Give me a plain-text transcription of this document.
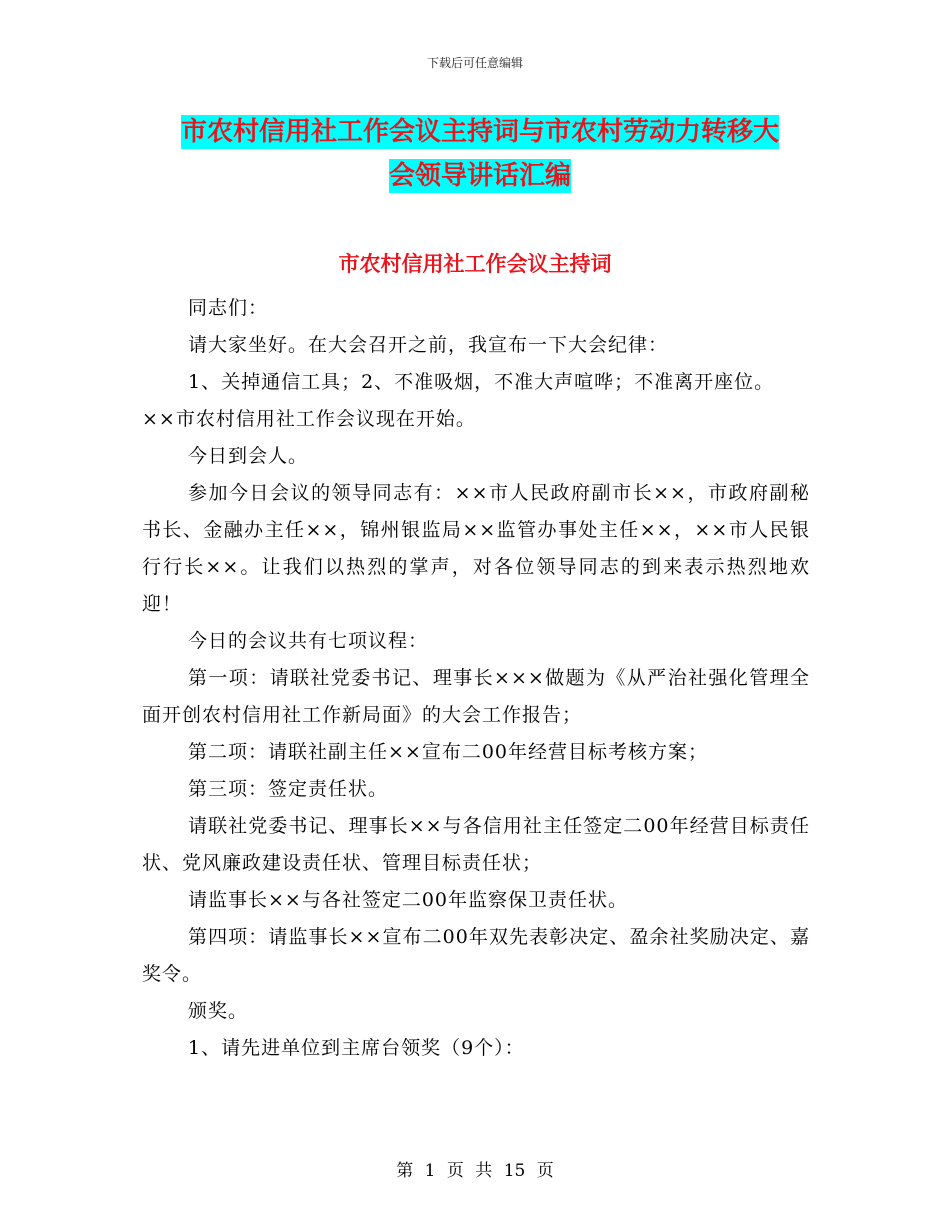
下载后可任意编辑
市农村信用社工作会议主持词与市农村劳动力转移大
会领导讲话汇编
市农村信用社工作会议主持词

同志们：

请大家坐好。在大会召开之前，我宣布一下大会纪律：

1、关掉通信工具；2、不准吸烟，不准大声喧哗；不准离开座位。

××市农村信用社工作会议现在开始。

今日到会人。

参加今日会议的领导同志有：××市人民政府副市长××，市政府副秘书长、金融办主任××，锦州银监局××监管办事处主任××，××市人民银行行长××。让我们以热烈的掌声，对各位领导同志的到来表示热烈地欢迎！

今日的会议共有七项议程：

第一项：请联社党委书记、理事长×××做题为《从严治社强化管理全面开创农村信用社工作新局面》的大会工作报告；

第二项：请联社副主任××宣布二00年经营目标考核方案；

第三项：签定责任状。

请联社党委书记、理事长××与各信用社主任签定二00年经营目标责任状、党风廉政建设责任状、管理目标责任状；

请监事长××与各社签定二00年监察保卫责任状。

第四项：请监事长××宣布二00年双先表彰决定、盈余社奖励决定、嘉奖令。

颁奖。

1、请先进单位到主席台领奖（9个）：

第 1 页 共 15 页
